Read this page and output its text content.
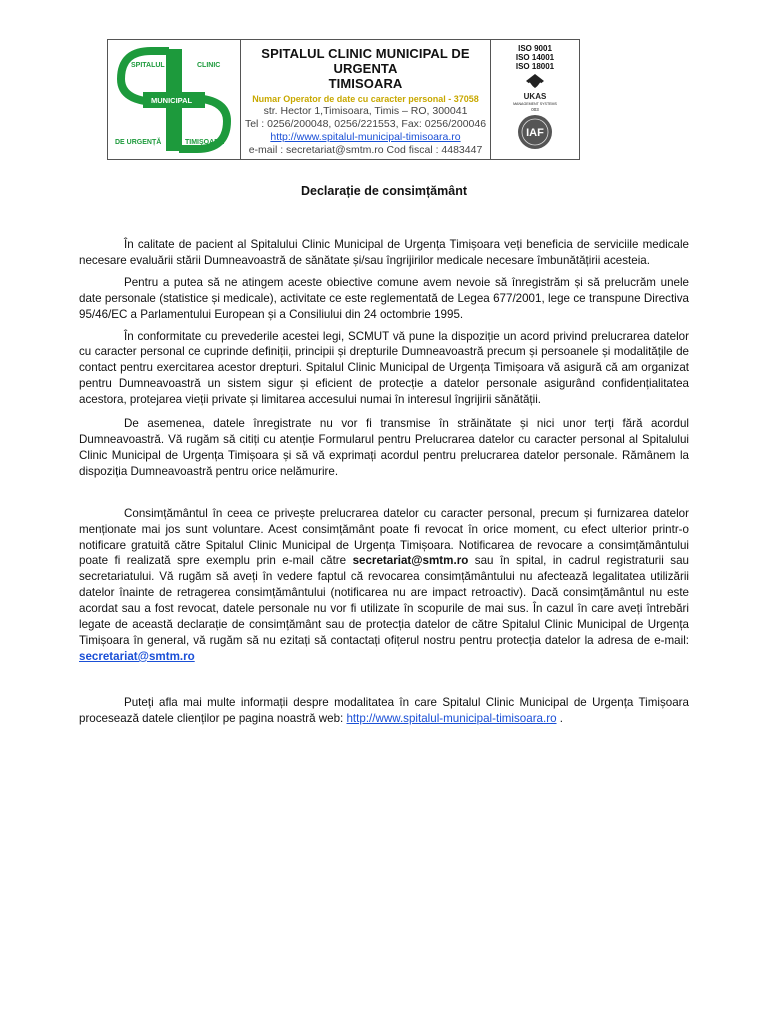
SPITALUL	CLINIC
MUNICIPAL
DE URGENȚĂ	TIMIȘOARA
SPITALUL CLINIC MUNICIPAL DE URGENTA
TIMISOARA
Numar Operator de date cu caracter personal - 37058
str. Hector 1,Timisoara, Timis – RO, 300041
Tel : 0256/200048, 0256/221553, Fax: 0256/200046
http://www.spitalul-municipal-timisoara.ro
e-mail : secretariat@smtm.ro Cod fiscal : 4483447
ISO 9001
ISO 14001
ISO 18001
UKAS
MANAGEMENT SYSTEMS
003
IAF
Declarație de consimțământ

În calitate de pacient al Spitalului Clinic Municipal de Urgența Timișoara veți beneficia de serviciile medicale necesare evaluării stării Dumneavoastră de sănătate și/sau îngrijirilor medicale necesare îmbunătățirii acesteia.

Pentru a putea să ne atingem aceste obiective comune avem nevoie să înregistrăm și să prelucrăm unele date personale (statistice și medicale), activitate ce este reglementată de Legea 677/2001, lege ce transpune Directiva 95/46/EC a Parlamentului European și a Consiliului din 24 octombrie 1995.

În conformitate cu prevederile acestei legi, SCMUT vă pune la dispoziție un acord privind prelucrarea datelor cu caracter personal ce cuprinde definiții, principii și drepturile Dumneavoastră precum și persoanele și modalitățile de contact pentru exercitarea acestor drepturi. Spitalul Clinic Municipal de Urgența Timișoara vă asigură că am organizat pentru Dumneavoastră un sistem sigur și eficient de protecție a datelor personale asigurând confidențialitatea acestora, protejarea vieții private și limitarea accesului numai în interesul îngrijirii sănătății.

De asemenea, datele înregistrate nu vor fi transmise în străinătate și nici unor terți fără acordul Dumneavoastră. Vă rugăm să citiți cu atenție Formularul pentru Prelucrarea datelor cu caracter personal al Spitalului Clinic Municipal de Urgența Timișoara și să vă exprimați acordul pentru prelucrarea datelor personale. Rămânem la dispoziția Dumneavoastră pentru orice nelămurire.

Consimțământul în ceea ce privește prelucrarea datelor cu caracter personal, precum și furnizarea datelor menționate mai jos sunt voluntare. Acest consimțământ poate fi revocat în orice moment, cu efect ulterior printr-o notificare gratuită către Spitalul Clinic Municipal de Urgența Timișoara. Notificarea de revocare a consimțământului poate fi realizată spre exemplu prin e-mail către secretariat@smtm.ro sau în spital, in cadrul registraturii sau secretariatului. Vă rugăm să aveți în vedere faptul că revocarea consimțământului nu afectează legalitatea utilizării datelor înainte de retragerea consimțământului (notificarea nu are impact retroactiv). Dacă consimțământul nu este acordat sau a fost revocat, datele personale nu vor fi utilizate în scopurile de mai sus. În cazul în care aveți întrebări legate de această declarație de consimțământ sau de protecția datelor de către Spitalul Clinic Municipal de Urgența Timișoara în general, vă rugăm să nu ezitați să contactați ofițerul nostru pentru protecția datelor la adresa de e-mail: secretariat@smtm.ro

Puteți afla mai multe informații despre modalitatea în care Spitalul Clinic Municipal de Urgența Timișoara procesează datele clienților pe pagina noastră web: http://www.spitalul-municipal-timisoara.ro .
